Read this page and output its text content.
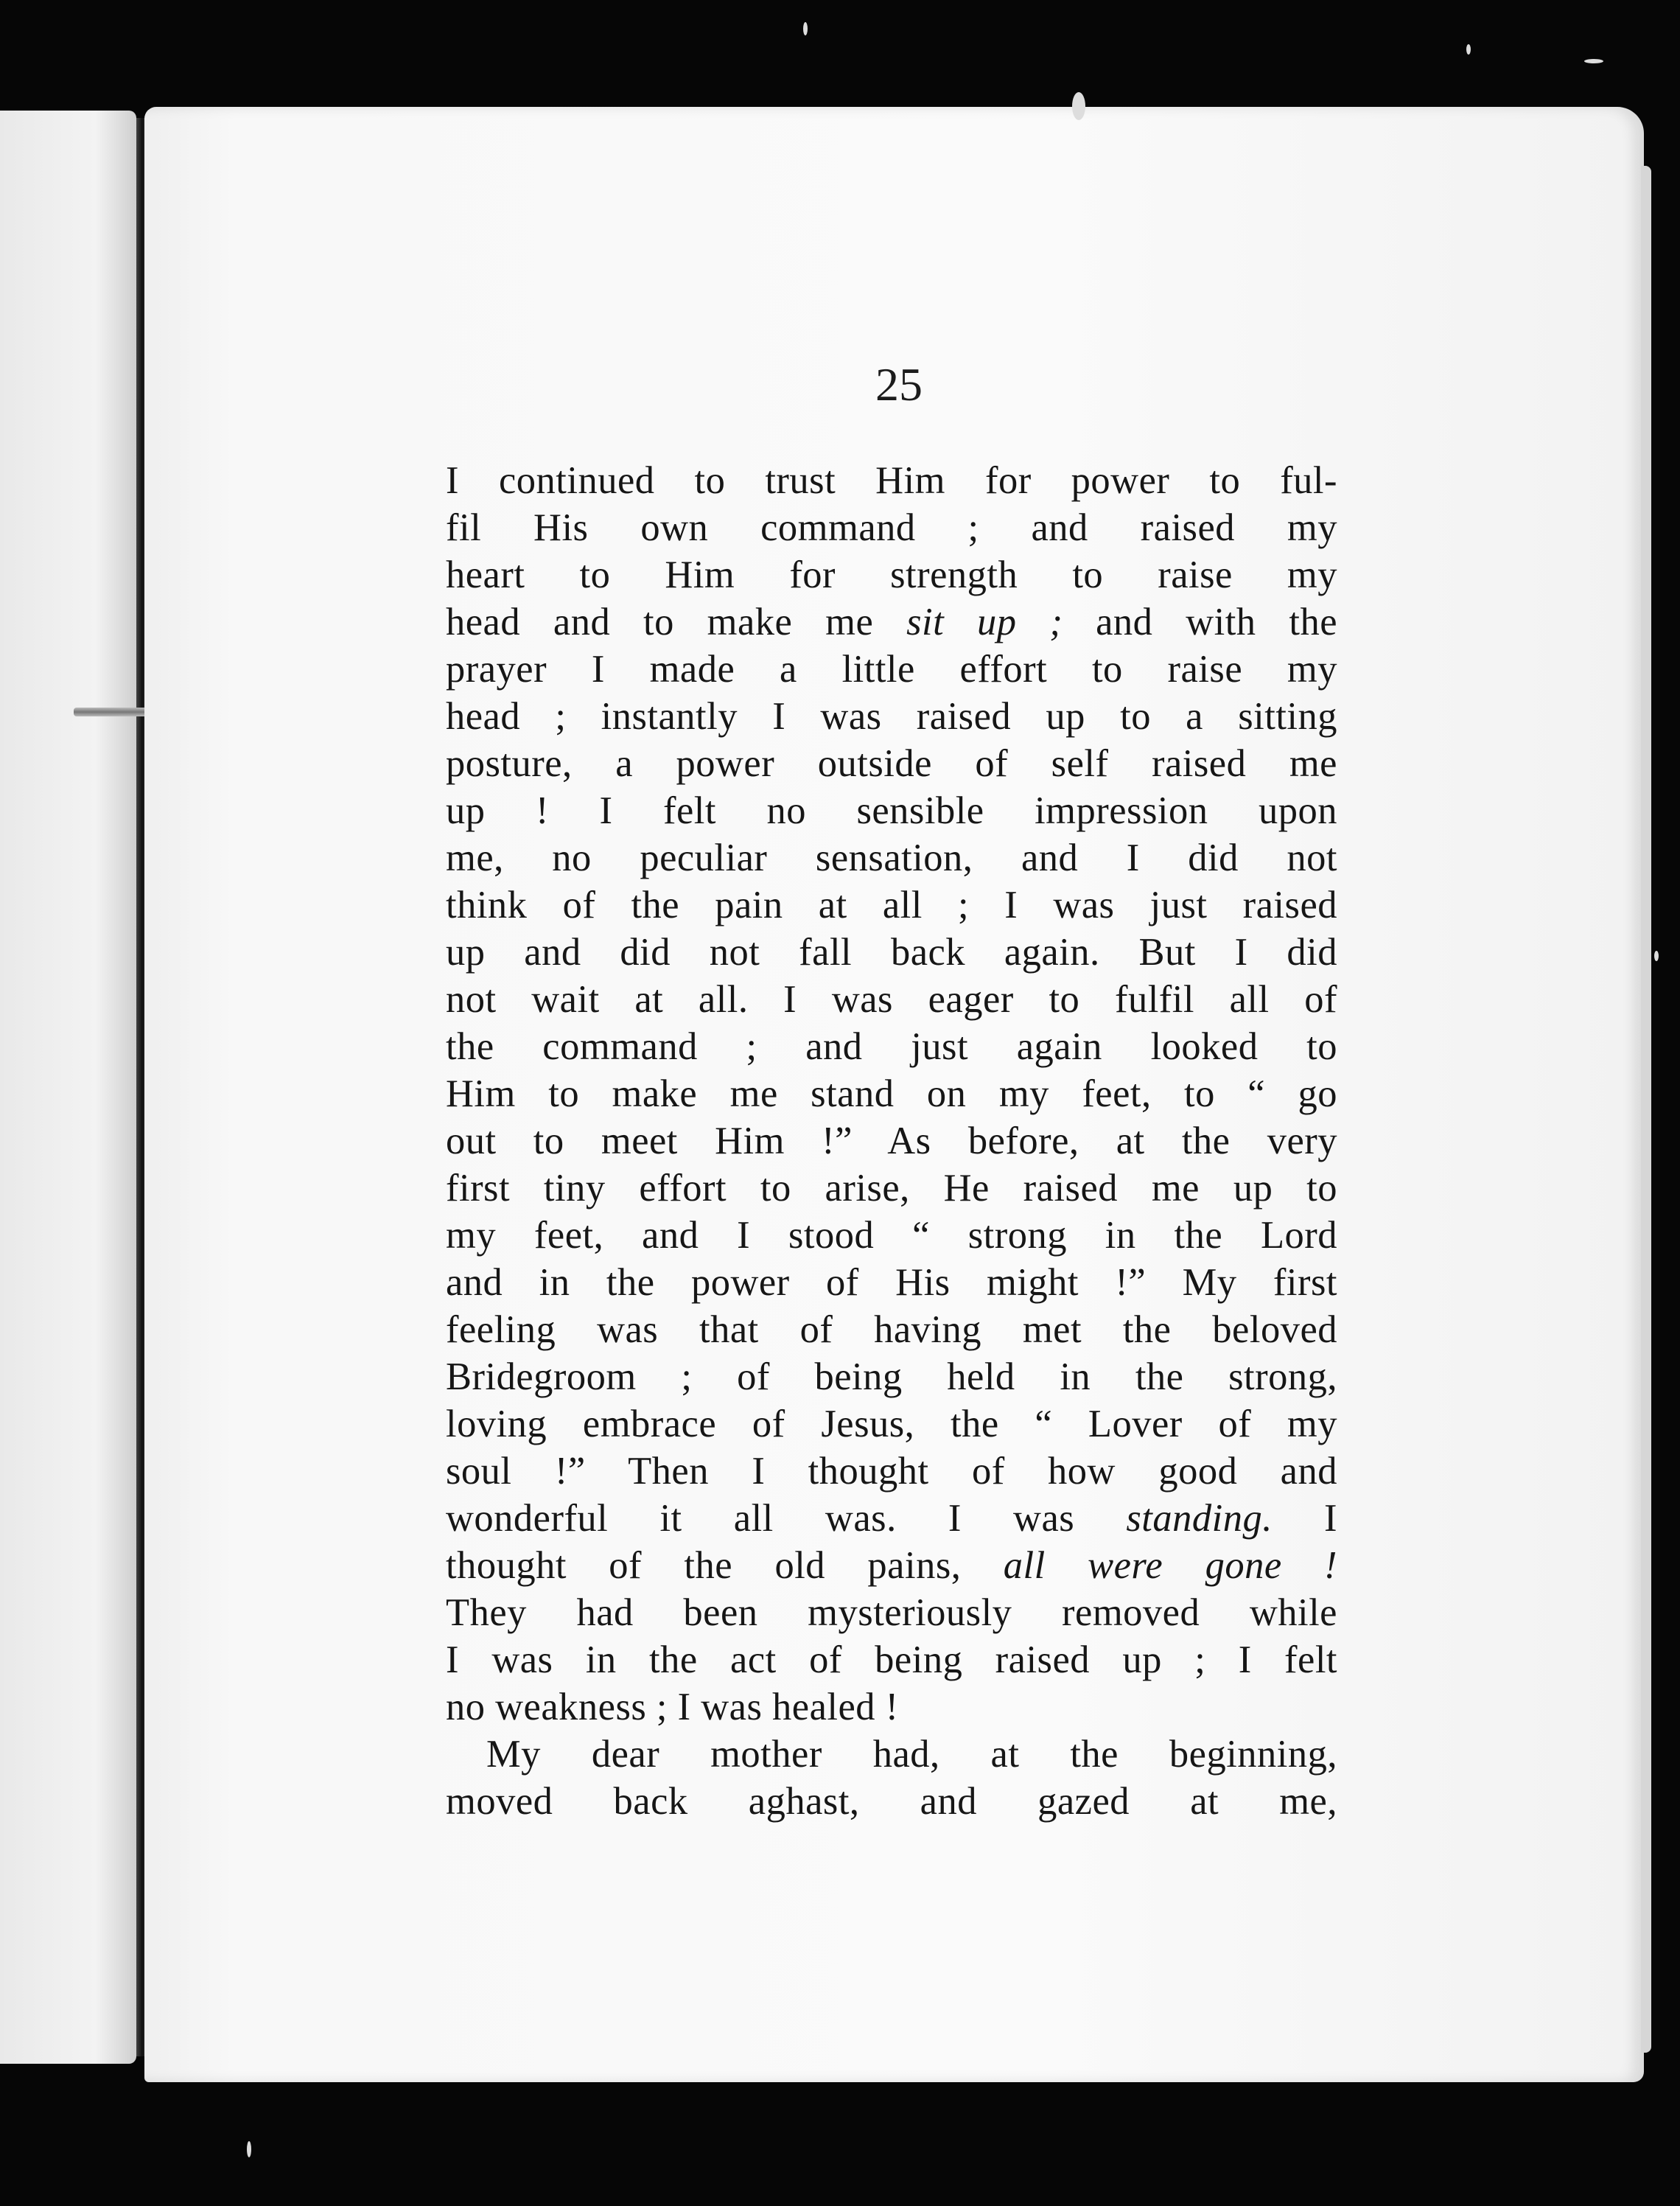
25
I continued to trust Him for power to ful-
fil His own command ; and raised my
heart to Him for strength to raise my
head and to make me sit up ; and with the
prayer I made a little effort to raise my
head ; instantly I was raised up to a sitting
posture, a power outside of self raised me
up ! I felt no sensible impression upon
me, no peculiar sensation, and I did not
think of the pain at all ; I was just raised
up and did not fall back again. But I did
not wait at all. I was eager to fulfil all of
the command ; and just again looked to
Him to make me stand on my feet, to “ go
out to meet Him !” As before, at the very
first tiny effort to arise, He raised me up to
my feet, and I stood “ strong in the Lord
and in the power of His might !” My first
feeling was that of having met the beloved
Bridegroom ; of being held in the strong,
loving embrace of Jesus, the “ Lover of my
soul !” Then I thought of how good and
wonderful it all was. I was standing. I
thought of the old pains, all were gone !
They had been mysteriously removed while
I was in the act of being raised up ; I felt
no weakness ; I was healed !
My dear mother had, at the beginning,
moved back aghast, and gazed at me,
